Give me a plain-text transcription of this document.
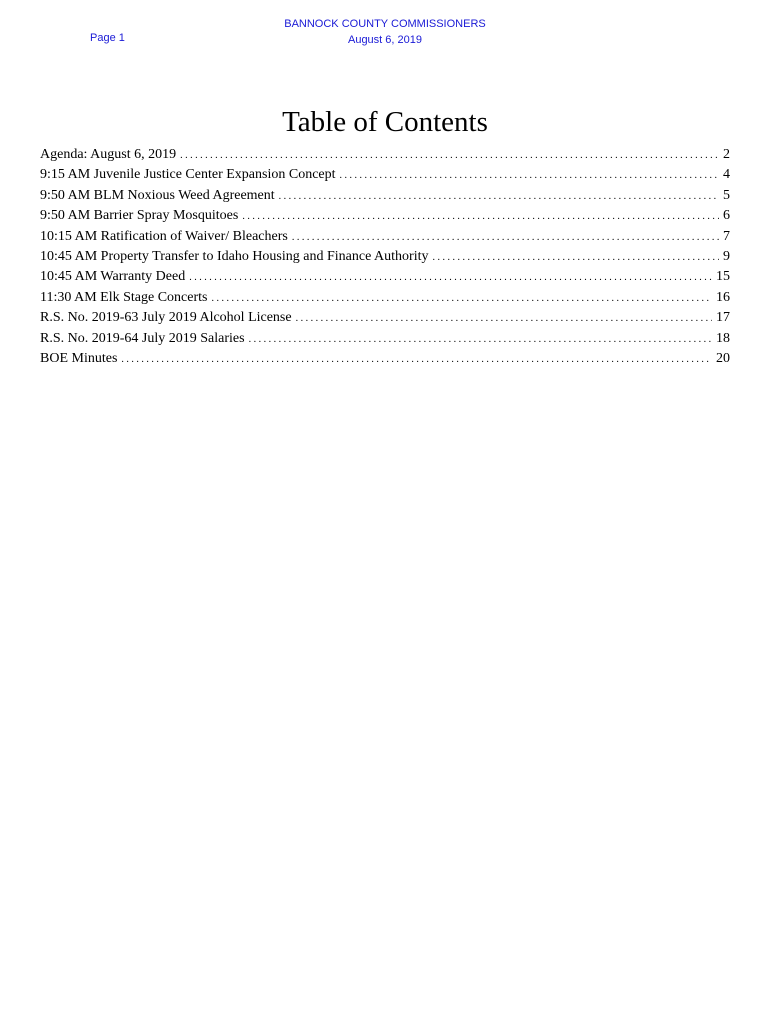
Page 1
BANNOCK COUNTY COMMISSIONERS
August 6, 2019
Table of Contents
Agenda: August 6, 2019 . . .	2
9:15 AM Juvenile Justice Center Expansion Concept . . .	4
9:50 AM BLM Noxious Weed Agreement . . .	5
9:50 AM Barrier Spray Mosquitoes . . .	6
10:15 AM Ratification of Waiver/ Bleachers . . .	7
10:45 AM Property Transfer to Idaho Housing and Finance Authority . . .	9
10:45 AM Warranty Deed . . .	15
11:30 AM Elk Stage Concerts . . .	16
R.S. No. 2019-63 July 2019 Alcohol License . . .	17
R.S. No. 2019-64 July 2019 Salaries . . .	18
BOE Minutes . . .	20
